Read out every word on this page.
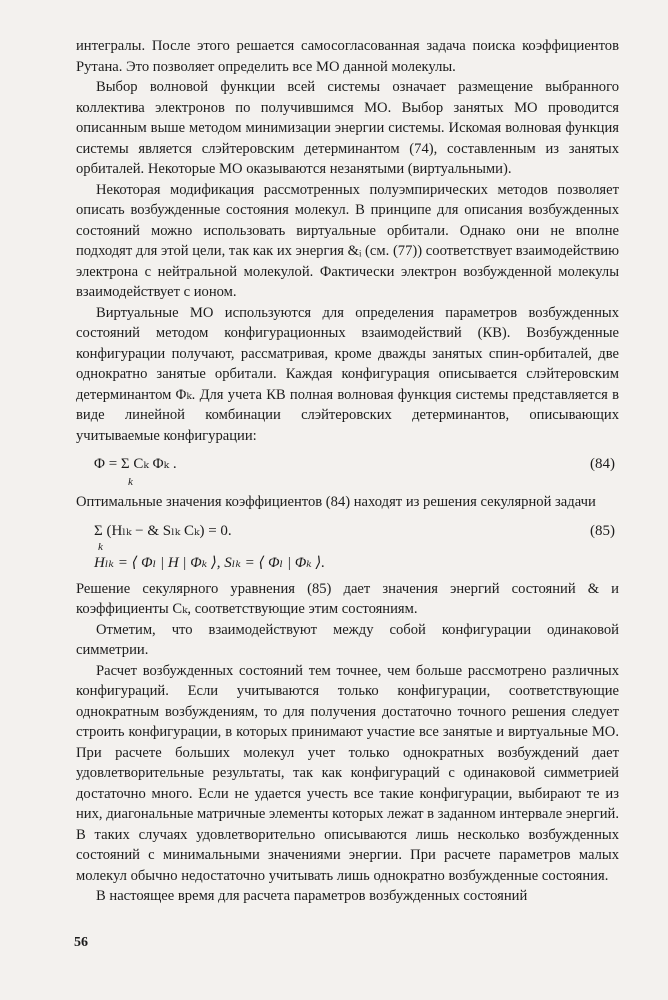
интегралы. После этого решается самосогласованная задача поиска коэффициентов Рутана. Это позволяет определить все МО данной молекулы.

Выбор волновой функции всей системы означает размещение выбранного коллектива электронов по получившимся МО. Выбор занятых МО проводится описанным выше методом минимизации энергии системы. Искомая волновая функция системы является слэйтеровским детерминантом (74), составленным из занятых орбиталей. Некоторые МО оказываются незанятыми (виртуальными).

Некоторая модификация рассмотренных полуэмпирических методов позволяет описать возбужденные состояния молекул. В принципе для описания возбужденных состояний можно использовать виртуальные орбитали. Однако они не вполне подходят для этой цели, так как их энергия &ᵢ (см. (77)) соответствует взаимодействию электрона с нейтральной молекулой. Фактически электрон возбужденной молекулы взаимодействует с ионом.

Виртуальные МО используются для определения параметров возбужденных состояний методом конфигурационных взаимодействий (КВ). Возбужденные конфигурации получают, рассматривая, кроме дважды занятых спин-орбиталей, две однократно занятые орбитали. Каждая конфигурация описывается слэйтеровским детерминантом Φₖ. Для учета КВ полная волновая функция системы представляется в виде линейной комбинации слэйтеровских детерминантов, описывающих учитываемые конфигурации:

Φ = Σ Cₖ Φₖ .
k
(84)

Оптимальные значения коэффициентов (84) находят из решения секулярной задачи

Σ (Hₗₖ − & Sₗₖ Cₖ) = 0.
k
(85)
Hₗₖ = ⟨ Φₗ | H | Φₖ ⟩, Sₗₖ = ⟨ Φₗ | Φₖ ⟩.

Решение секулярного уравнения (85) дает значения энергий состояний & и коэффициенты Cₖ, соответствующие этим состояниям.

Отметим, что взаимодействуют между собой конфигурации одинаковой симметрии.

Расчет возбужденных состояний тем точнее, чем больше рассмотрено различных конфигураций. Если учитываются только конфигурации, соответствующие однократным возбуждениям, то для получения достаточно точного решения следует строить конфигурации, в которых принимают участие все занятые и виртуальные МО. При расчете больших молекул учет только однократных возбуждений дает удовлетворительные результаты, так как конфигураций с одинаковой симметрией достаточно много. Если не удается учесть все такие конфигурации, выбирают те из них, диагональные матричные элементы которых лежат в заданном интервале энергий. В таких случаях удовлетворительно описываются лишь несколько возбужденных состояний с минимальными значениями энергии. При расчете параметров малых молекул обычно недостаточно учитывать лишь однократно возбужденные состояния.

В настоящее время для расчета параметров возбужденных состояний

56
